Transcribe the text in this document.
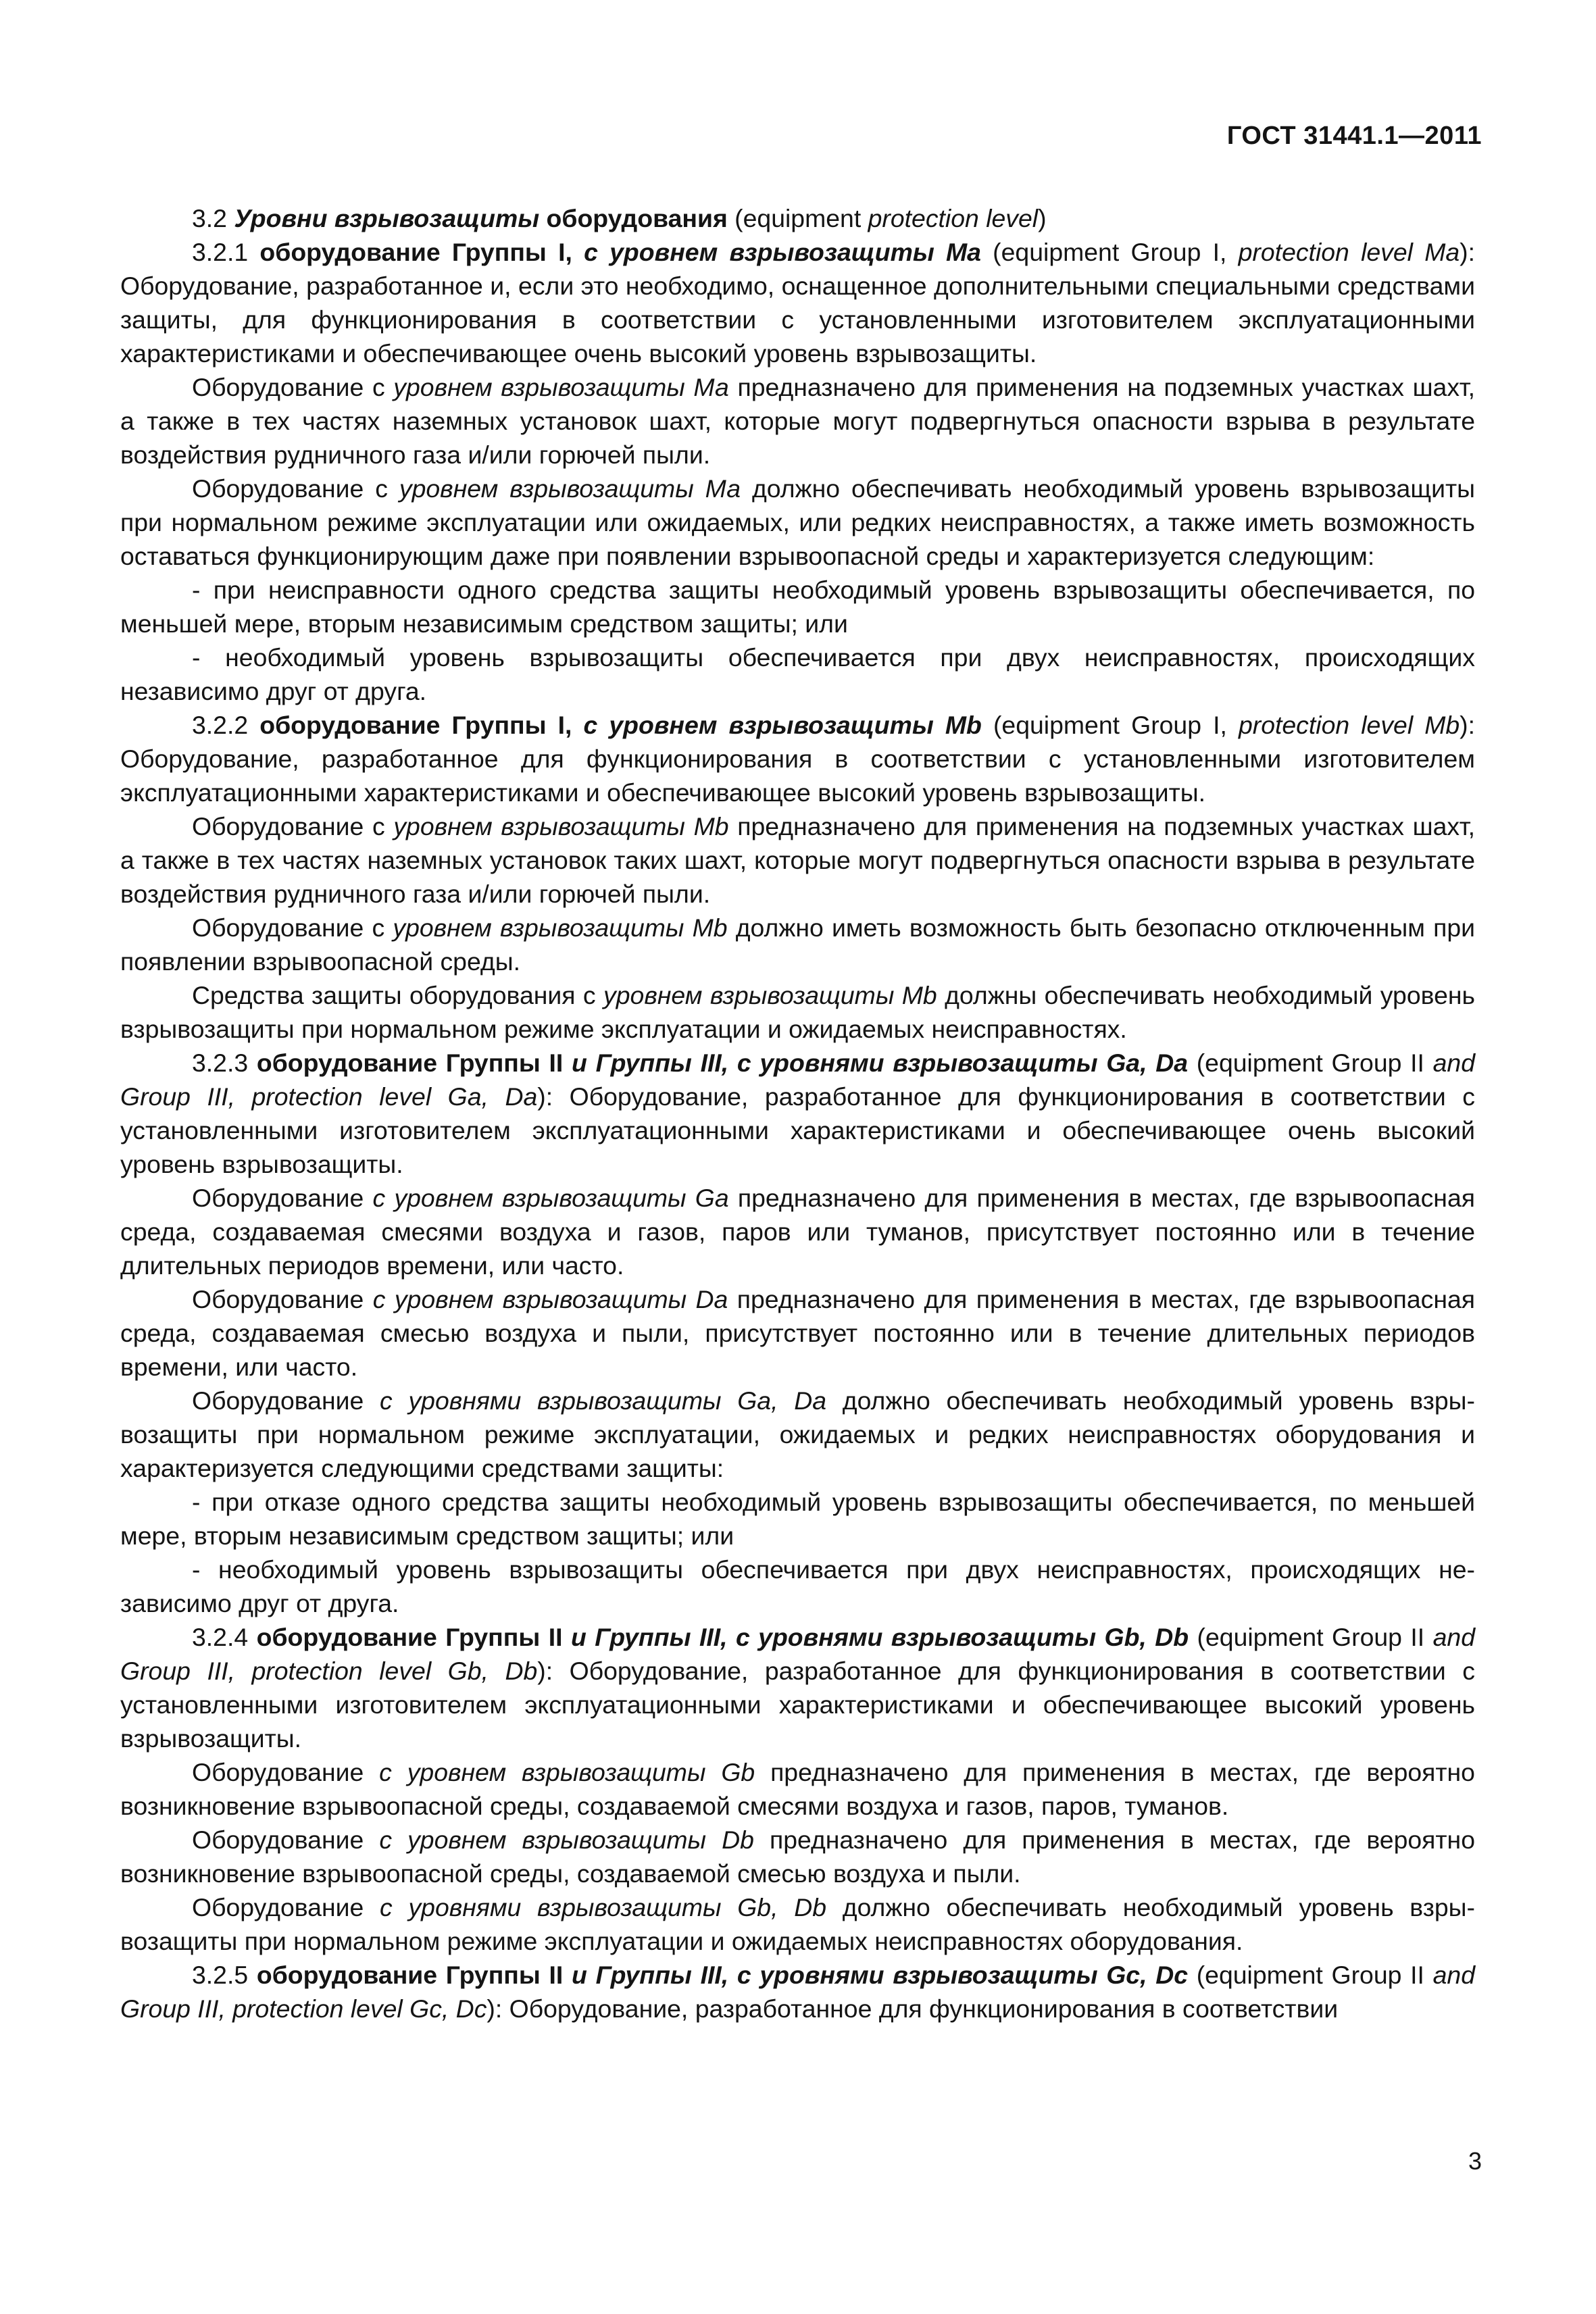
ГОСТ 31441.1—2011

3.2 Уровни взрывозащиты оборудования (equipment protection level)

3.2.1 оборудование Группы I, с уровнем взрывозащиты Ma (equipment Group I, protection level Ma): Оборудование, разработанное и, если это необходимо, оснащенное дополнительными специальными средствами защиты, для функционирования в соответствии с установленными изготовителем эксплуатационными характеристиками и обеспечивающее очень высокий уровень взрывозащиты.

Оборудование с уровнем взрывозащиты Ма предназначено для применения на подземных участках шахт, а также в тех частях наземных установок шахт, которые могут подвергнуться опасности взрыва в результате воздействия рудничного газа и/или горючей пыли.

Оборудование с уровнем взрывозащиты Ма должно обеспечивать необходимый уровень взрывозащиты при нормальном режиме эксплуатации или ожидаемых, или редких неисправностях, а также иметь возможность оставаться функционирующим даже при появлении взрывоопасной среды и характеризуется следующим:

- при неисправности одного средства защиты необходимый уровень взрывозащиты обеспечивается, по меньшей мере, вторым независимым средством защиты; или

- необходимый уровень взрывозащиты обеспечивается при двух неисправностях, происходящих независимо друг от друга.

3.2.2 оборудование Группы I, с уровнем взрывозащиты Mb (equipment Group I, protection level Mb): Оборудование, разработанное для функционирования в соответствии с установленными изготовителем эксплуатационными характеристиками и обеспечивающее высокий уровень взрывозащиты.

Оборудование с уровнем взрывозащиты Mb предназначено для применения на подземных участках шахт, а также в тех частях наземных установок таких шахт, которые могут подвергнуться опасности взрыва в результате воздействия рудничного газа и/или горючей пыли.

Оборудование с уровнем взрывозащиты Mb должно иметь возможность быть безопасно отключенным при появлении взрывоопасной среды.

Средства защиты оборудования с уровнем взрывозащиты Mb должны обеспечивать необходимый уровень взрывозащиты при нормальном режиме эксплуатации и ожидаемых неисправностях.

3.2.3 оборудование Группы II и Группы III, с уровнями взрывозащиты Ga, Da (equipment Group II and Group III, protection level Ga, Da): Оборудование, разработанное для функционирования в соответствии с установленными изготовителем эксплуатационными характеристиками и обеспечивающее очень высокий уровень взрывозащиты.

Оборудование с уровнем взрывозащиты Ga предназначено для применения в местах, где взрывоопасная среда, создаваемая смесями воздуха и газов, паров или туманов, присутствует постоянно или в течение длительных периодов времени, или часто.

Оборудование с уровнем взрывозащиты Da предназначено для применения в местах, где взрывоопасная среда, создаваемая смесью воздуха и пыли, присутствует постоянно или в течение длительных периодов времени, или часто.

Оборудование с уровнями взрывозащиты Ga, Da должно обеспечивать необходимый уровень взрывозащиты при нормальном режиме эксплуатации, ожидаемых и редких неисправностях оборудования и характеризуется следующими средствами защиты:

- при отказе одного средства защиты необходимый уровень взрывозащиты обеспечивается, по меньшей мере, вторым независимым средством защиты; или

- необходимый уровень взрывозащиты обеспечивается при двух неисправностях, происходящих независимо друг от друга.

3.2.4 оборудование Группы II и Группы III, с уровнями взрывозащиты Gb, Db (equipment Group II and Group III, protection level Gb, Db): Оборудование, разработанное для функционирования в соответствии с установленными изготовителем эксплуатационными характеристиками и обеспечивающее высокий уровень взрывозащиты.

Оборудование с уровнем взрывозащиты Gb предназначено для применения в местах, где вероятно возникновение взрывоопасной среды, создаваемой смесями воздуха и газов, паров, туманов.

Оборудование с уровнем взрывозащиты Db предназначено для применения в местах, где вероятно возникновение взрывоопасной среды, создаваемой смесью воздуха и пыли.

Оборудование с уровнями взрывозащиты Gb, Db должно обеспечивать необходимый уровень взрывозащиты при нормальном режиме эксплуатации и ожидаемых неисправностях оборудования.

3.2.5 оборудование Группы II и Группы III, с уровнями взрывозащиты Gc, Dc (equipment Group II and Group III, protection level Gc, Dc): Оборудование, разработанное для функционирования в соответствии

3
